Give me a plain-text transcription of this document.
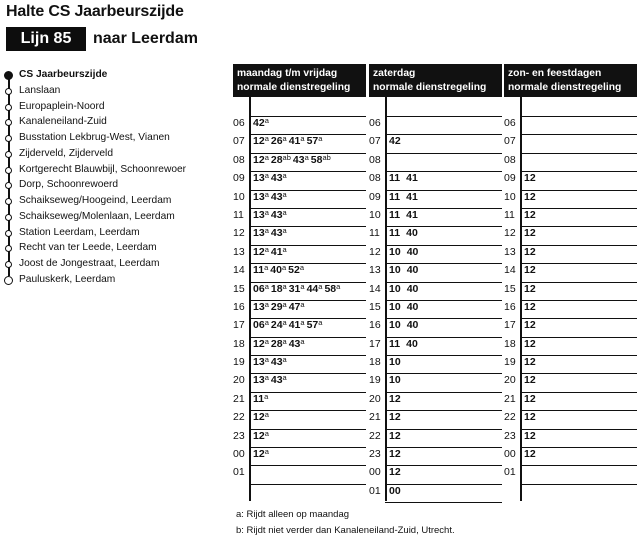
Halte CS Jaarbeurszijde
Lijn 85	naar Leerdam
CS Jaarbeurszijde
Lanslaan
Europaplein-Noord
Kanaleneiland-Zuid
Busstation Lekbrug-West, Vianen
Zijderveld, Zijderveld
Kortgerecht Blauwbijl, Schoonrewoer
Dorp, Schoonrewoerd
Schaikseweg/Hoogeind, Leerdam
Schaikseweg/Molenlaan, Leerdam
Station Leerdam, Leerdam
Recht van ter Leede, Leerdam
Joost de Jongestraat, Leerdam
Pauluskerk, Leerdam
maandag t/m vrijdag
normale dienstregeling
06 42$^a$
07 12$^a$ 26$^a$ 41$^a$ 57$^a$
08 12$^a$ $28^{ab}$ 43$^a$ $58^{ab}$
09 13$^a$ 43$^a$
10 13$^a$ 43$^a$
11 13$^a$ 43$^a$
12 13$^a$ 43$^a$
13 12$^a$ 41$^a$
14 11$^a$ 40$^a$ 52$^a$
15 06$^a$ 18$^a$ 31$^a$ 44$^a$ 58$^a$
16 13$^a$ 29$^a$ 47$^a$
17 06$^a$ 24$^a$ 41$^a$ 57$^a$
18 12$^a$ 28$^a$ 43$^a$
19 13$^a$ 43$^a$
20 13$^a$ 43$^a$
21 11$^a$
22 12$^a$
23 12$^a$
00 12$^a$
01
zaterdag
normale dienstregeling
06
07 42
08
08 11 41
09 11 41
10 11 41
11 11 40
12 10 40
13 10 40
14 10 40
15 10 40
16 10 40
17 11 40
18 10
19 10
20 12
21 12
22 12
23 12
00 12
01 00
zon- en feestdagen
normale dienstregeling
06
07
08
09 12
10 12
11 12
12 12
13 12
14 12
15 12
16 12
17 12
18 12
19 12
20 12
21 12
22 12
23 12
00 12
01
a: Rijdt alleen op maandag
b: Rijdt niet verder dan Kanaleneiland-Zuid, Utrecht.
